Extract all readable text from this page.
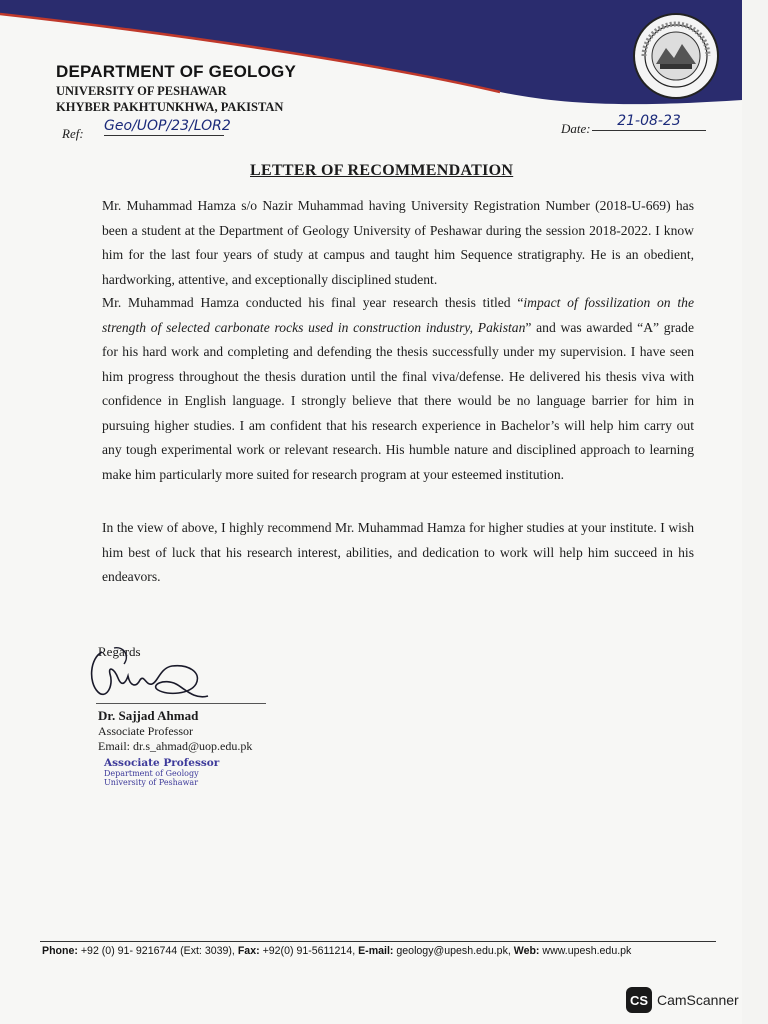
DEPARTMENT OF GEOLOGY
UNIVERSITY OF PESHAWAR
KHYBER PAKHTUNKHWA, PAKISTAN
Ref: Geo/UOP/23/LOR2	Date:	21-08-23
LETTER OF RECOMMENDATION
Mr. Muhammad Hamza s/o Nazir Muhammad having University Registration Number (2018-U-669) has been a student at the Department of Geology University of Peshawar during the session 2018-2022. I know him for the last four years of study at campus and taught him Sequence stratigraphy. He is an obedient, hardworking, attentive, and exceptionally disciplined student.
Mr. Muhammad Hamza conducted his final year research thesis titled “impact of fossilization on the strength of selected carbonate rocks used in construction industry, Pakistan” and was awarded “A” grade for his hard work and completing and defending the thesis successfully under my supervision. I have seen him progress throughout the thesis duration until the final viva/defense. He delivered his thesis viva with confidence in English language. I strongly believe that there would be no language barrier for him in pursuing higher studies. I am confident that his research experience in Bachelor’s will help him carry out any tough experimental work or relevant research. His humble nature and disciplined approach to learning make him particularly more suited for research program at your esteemed institution.
In the view of above, I highly recommend Mr. Muhammad Hamza for higher studies at your institute. I wish him best of luck that his research interest, abilities, and dedication to work will help him succeed in his endeavors.
Regards
Dr. Sajjad Ahmad
Associate Professor
Email: dr.s_ahmad@uop.edu.pk
Associate Professor
Department of Geology
University of Peshawar
Phone: +92 (0) 91- 9216744 (Ext: 3039), Fax: +92(0) 91-5611214, E-mail: geology@upesh.edu.pk, Web: www.upesh.edu.pk
CS CamScanner
